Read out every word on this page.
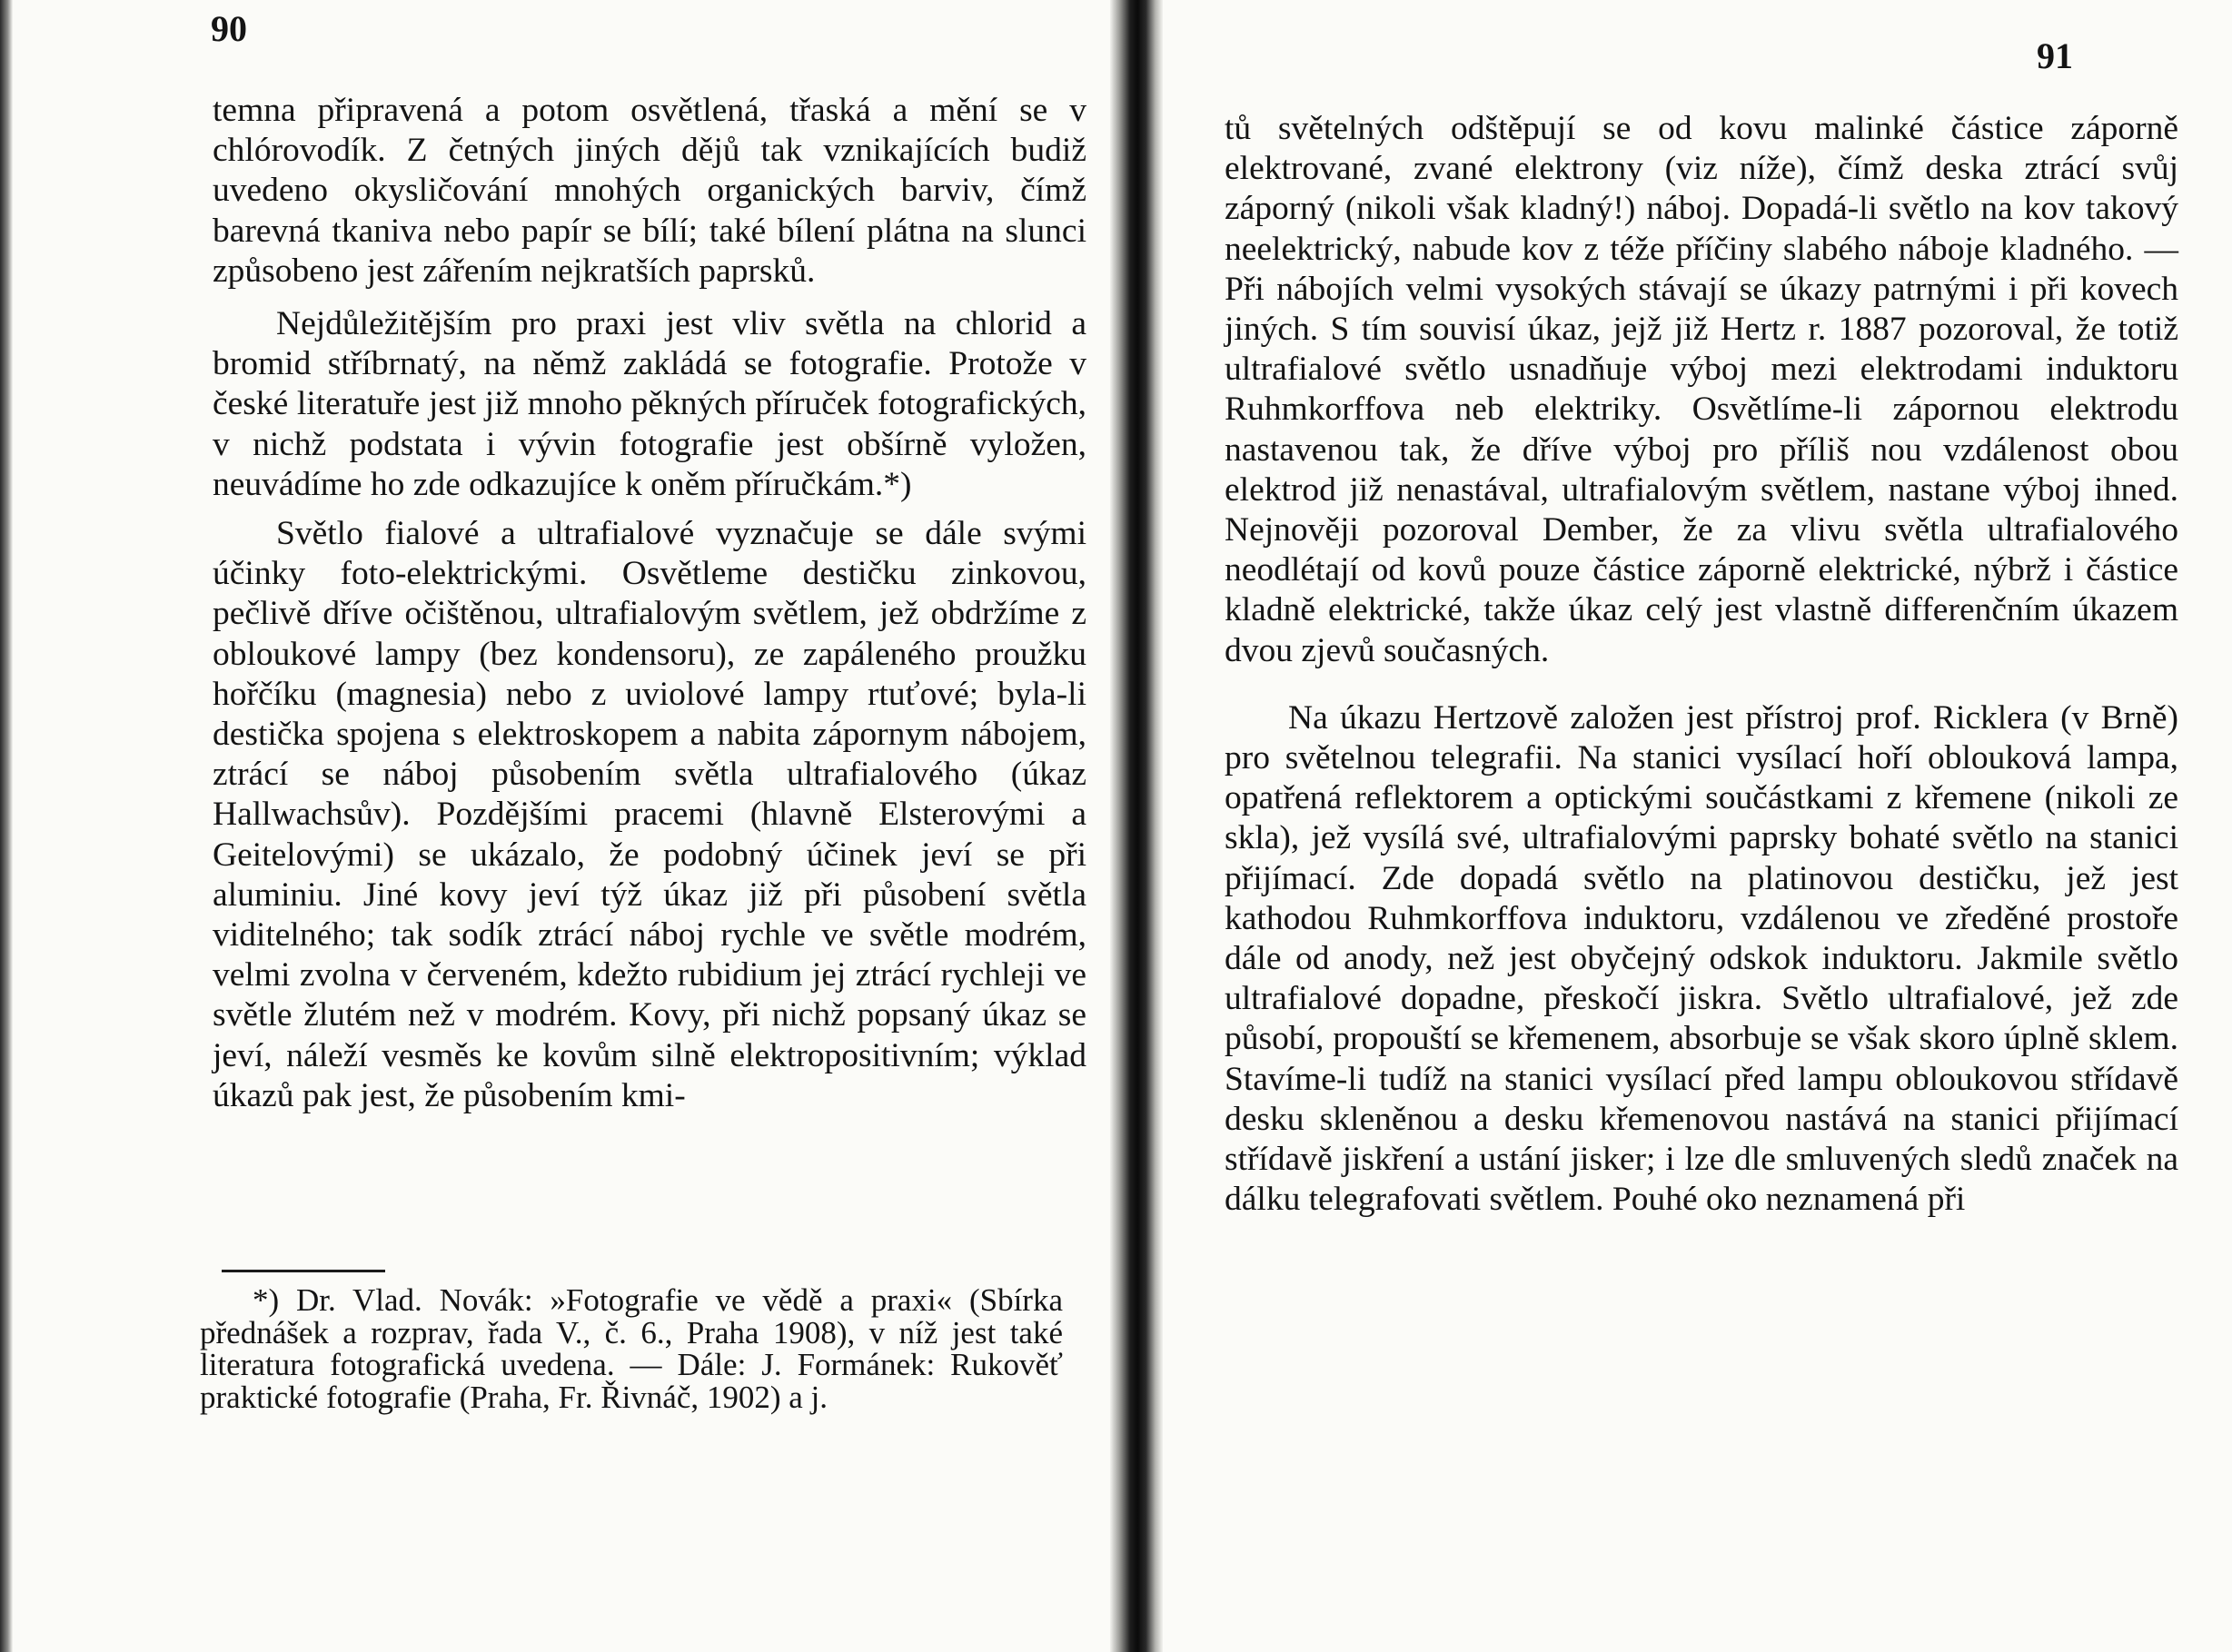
90

temna připravená a potom osvětlená, třaská a mění se v chlórovodík. Z četných jiných dějů tak vznikajících budiž uvedeno okysličování mnohých organických barviv, čímž barevná tkaniva nebo papír se bílí; také bílení plátna na slunci způsobeno jest zářením nejkratších paprsků.

Nejdůležitějším pro praxi jest vliv světla na chlorid a bromid stříbrnatý, na němž zakládá se fotografie. Protože v české literatuře jest již mnoho pěkných příruček fotografických, v nichž podstata i vývin fotografie jest obšírně vyložen, neuvádíme ho zde odkazujíce k oněm příručkám.*)

Světlo fialové a ultrafialové vyznačuje se dále svými účinky foto-elektrickými. Osvětleme destičku zinkovou, pečlivě dříve očištěnou, ultrafialovým světlem, jež obdržíme z obloukové lampy (bez kondensoru), ze zapáleného proužku hořčíku (magnesia) nebo z uviolové lampy rtuťové; byla-li destička spojena s elektroskopem a nabita zápornym nábojem, ztrácí se náboj působením světla ultrafialového (úkaz Hallwachsův). Pozdějšími pracemi (hlavně Elsterovými a Geitelovými) se ukázalo, že podobný účinek jeví se při aluminiu. Jiné kovy jeví týž úkaz již při působení světla viditelného; tak sodík ztrácí náboj rychle ve světle modrém, velmi zvolna v červeném, kdežto rubidium jej ztrácí rychleji ve světle žlutém než v modrém. Kovy, při nichž popsaný úkaz se jeví, náleží vesměs ke kovům silně elektropositivním; výklad úkazů pak jest, že působením kmi-

*) Dr. Vlad. Novák: »Fotografie ve vědě a praxi« (Sbírka přednášek a rozprav, řada V., č. 6., Praha 1908), v níž jest také literatura fotografická uvedena. — Dále: J. Formánek: Rukověť praktické fotografie (Praha, Fr. Řivnáč, 1902) a j.

91

tů světelných odštěpují se od kovu malinké částice záporně elektrované, zvané elektrony (viz níže), čímž deska ztrácí svůj záporný (nikoli však kladný!) náboj. Dopadá-li světlo na kov takový neelektrický, nabude kov z téže příčiny slabého náboje kladného. — Při nábojích velmi vysokých stávají se úkazy patrnými i při kovech jiných. S tím souvisí úkaz, jejž již Hertz r. 1887 pozoroval, že totiž ultrafialové světlo usnadňuje výboj mezi elektrodami induktoru Ruhmkorffova neb elektriky. Osvětlíme-li zápornou elektrodu nastavenou tak, že dříve výboj pro příliš nou vzdálenost obou elektrod již nenastával, ultrafialovým světlem, nastane výboj ihned. Nejnověji pozoroval Dember, že za vlivu světla ultrafialového neodlétají od kovů pouze částice záporně elektrické, nýbrž i částice kladně elektrické, takže úkaz celý jest vlastně differenčním úkazem dvou zjevů současných.

Na úkazu Hertzově založen jest přístroj prof. Ricklera (v Brně) pro světelnou telegrafii. Na stanici vysílací hoří oblouková lampa, opatřená reflektorem a optickými součástkami z křemene (nikoli ze skla), jež vysílá své, ultrafialovými paprsky bohaté světlo na stanici přijímací. Zde dopadá světlo na platinovou destičku, jež jest kathodou Ruhmkorffova induktoru, vzdálenou ve zředěné prostoře dále od anody, než jest obyčejný odskok induktoru. Jakmile světlo ultrafialové dopadne, přeskočí jiskra. Světlo ultrafialové, jež zde působí, propouští se křemenem, absorbuje se však skoro úplně sklem. Stavíme-li tudíž na stanici vysílací před lampu obloukovou střídavě desku skleněnou a desku křemenovou nastává na stanici přijímací střídavě jiskření a ustání jisker; i lze dle smluvených sledů značek na dálku telegrafovati světlem. Pouhé oko neznamená při
